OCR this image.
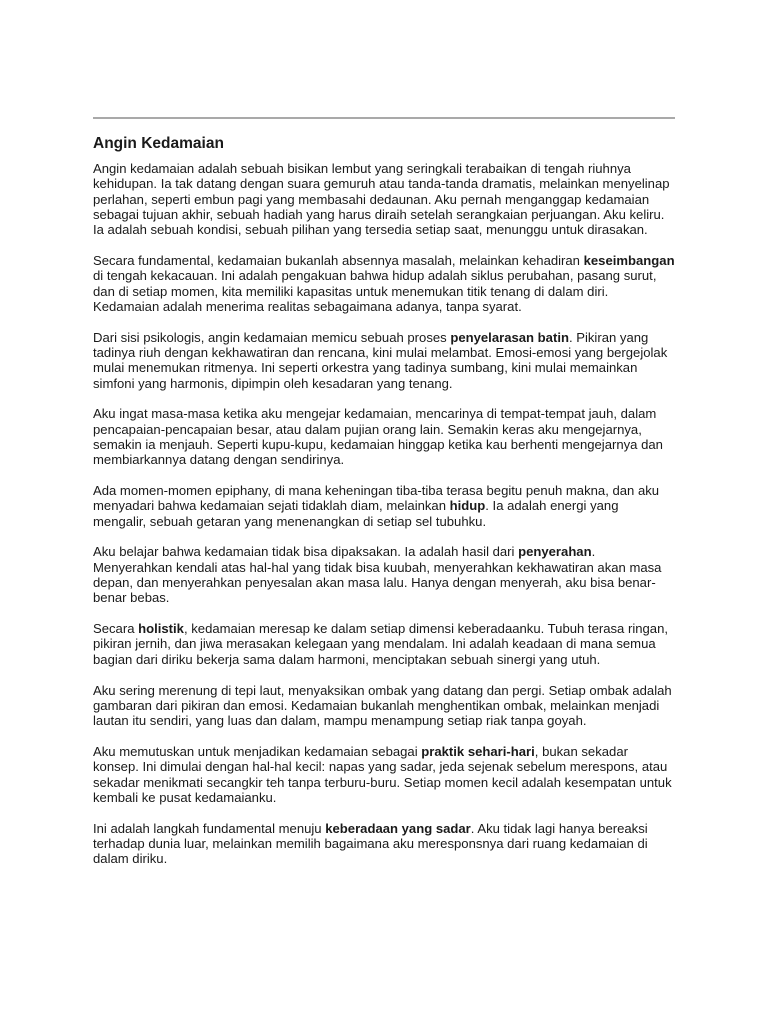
Angin Kedamaian

Angin kedamaian adalah sebuah bisikan lembut yang seringkali terabaikan di tengah riuhnya kehidupan. Ia tak datang dengan suara gemuruh atau tanda-tanda dramatis, melainkan menyelinap perlahan, seperti embun pagi yang membasahi dedaunan. Aku pernah menganggap kedamaian sebagai tujuan akhir, sebuah hadiah yang harus diraih setelah serangkaian perjuangan. Aku keliru. Ia adalah sebuah kondisi, sebuah pilihan yang tersedia setiap saat, menunggu untuk dirasakan.

Secara fundamental, kedamaian bukanlah absennya masalah, melainkan kehadiran keseimbangan di tengah kekacauan. Ini adalah pengakuan bahwa hidup adalah siklus perubahan, pasang surut, dan di setiap momen, kita memiliki kapasitas untuk menemukan titik tenang di dalam diri. Kedamaian adalah menerima realitas sebagaimana adanya, tanpa syarat.

Dari sisi psikologis, angin kedamaian memicu sebuah proses penyelarasan batin. Pikiran yang tadinya riuh dengan kekhawatiran dan rencana, kini mulai melambat. Emosi-emosi yang bergejolak mulai menemukan ritmenya. Ini seperti orkestra yang tadinya sumbang, kini mulai memainkan simfoni yang harmonis, dipimpin oleh kesadaran yang tenang.

Aku ingat masa-masa ketika aku mengejar kedamaian, mencarinya di tempat-tempat jauh, dalam pencapaian-pencapaian besar, atau dalam pujian orang lain. Semakin keras aku mengejarnya, semakin ia menjauh. Seperti kupu-kupu, kedamaian hinggap ketika kau berhenti mengejarnya dan membiarkannya datang dengan sendirinya.

Ada momen-momen epiphany, di mana keheningan tiba-tiba terasa begitu penuh makna, dan aku menyadari bahwa kedamaian sejati tidaklah diam, melainkan hidup. Ia adalah energi yang mengalir, sebuah getaran yang menenangkan di setiap sel tubuhku.

Aku belajar bahwa kedamaian tidak bisa dipaksakan. Ia adalah hasil dari penyerahan. Menyerahkan kendali atas hal-hal yang tidak bisa kuubah, menyerahkan kekhawatiran akan masa depan, dan menyerahkan penyesalan akan masa lalu. Hanya dengan menyerah, aku bisa benar-benar bebas.

Secara holistik, kedamaian meresap ke dalam setiap dimensi keberadaanku. Tubuh terasa ringan, pikiran jernih, dan jiwa merasakan kelegaan yang mendalam. Ini adalah keadaan di mana semua bagian dari diriku bekerja sama dalam harmoni, menciptakan sebuah sinergi yang utuh.

Aku sering merenung di tepi laut, menyaksikan ombak yang datang dan pergi. Setiap ombak adalah gambaran dari pikiran dan emosi. Kedamaian bukanlah menghentikan ombak, melainkan menjadi lautan itu sendiri, yang luas dan dalam, mampu menampung setiap riak tanpa goyah.

Aku memutuskan untuk menjadikan kedamaian sebagai praktik sehari-hari, bukan sekadar konsep. Ini dimulai dengan hal-hal kecil: napas yang sadar, jeda sejenak sebelum merespons, atau sekadar menikmati secangkir teh tanpa terburu-buru. Setiap momen kecil adalah kesempatan untuk kembali ke pusat kedamaianku.

Ini adalah langkah fundamental menuju keberadaan yang sadar. Aku tidak lagi hanya bereaksi terhadap dunia luar, melainkan memilih bagaimana aku meresponsnya dari ruang kedamaian di dalam diriku.
